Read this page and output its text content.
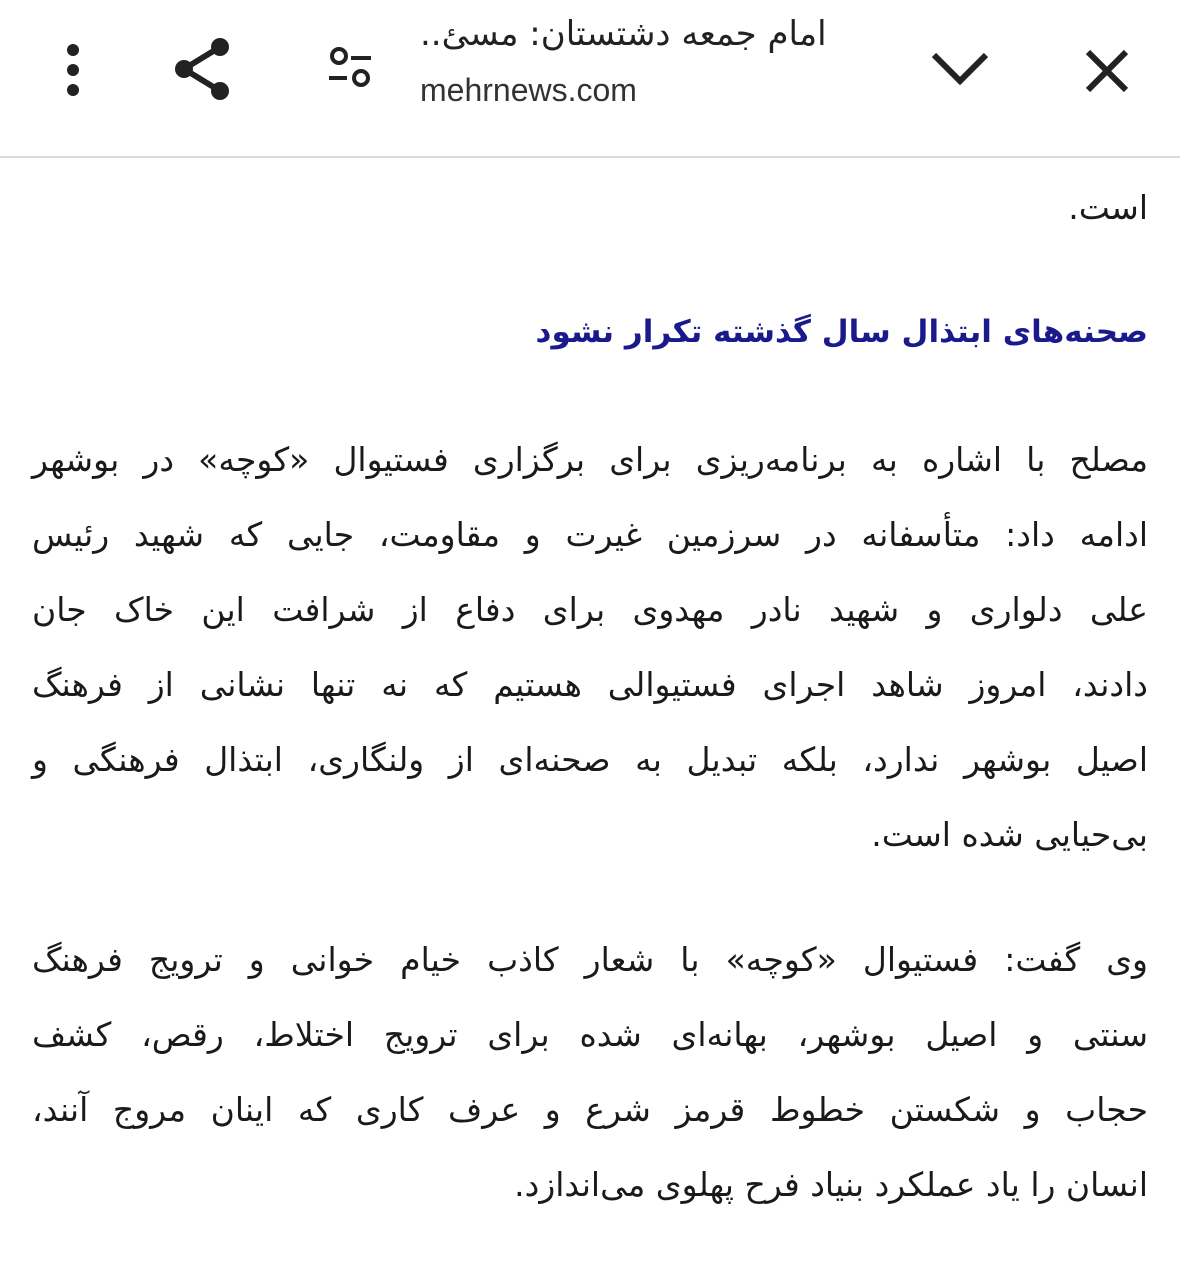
امام جمعه دشتستان: مسئ..
mehrnews.com
است.
صحنه‌های ابتذال سال گذشته تکرار نشود
مصلح با اشاره به برنامه‌ریزی برای برگزاری فستیوال «کوچه» در بوشهر
ادامه داد: متأسفانه در سرزمین غیرت و مقاومت، جایی که شهید رئیس
علی دلواری و شهید نادر مهدوی برای دفاع از شرافت این خاک جان
دادند، امروز شاهد اجرای فستیوالی هستیم که نه تنها نشانی از فرهنگ
اصیل بوشهر ندارد، بلکه تبدیل به صحنه‌ای از ولنگاری، ابتذال فرهنگی و
بی‌حیایی شده است.
وی گفت: فستیوال «کوچه» با شعار کاذب خیام خوانی و ترویج فرهنگ
سنتی و اصیل بوشهر، بهانه‌ای شده برای ترویج اختلاط، رقص، کشف
حجاب و شکستن خطوط قرمز شرع و عرف کاری که اینان مروج آنند،
انسان را یاد عملکرد بنیاد فرح پهلوی می‌اندازد.
